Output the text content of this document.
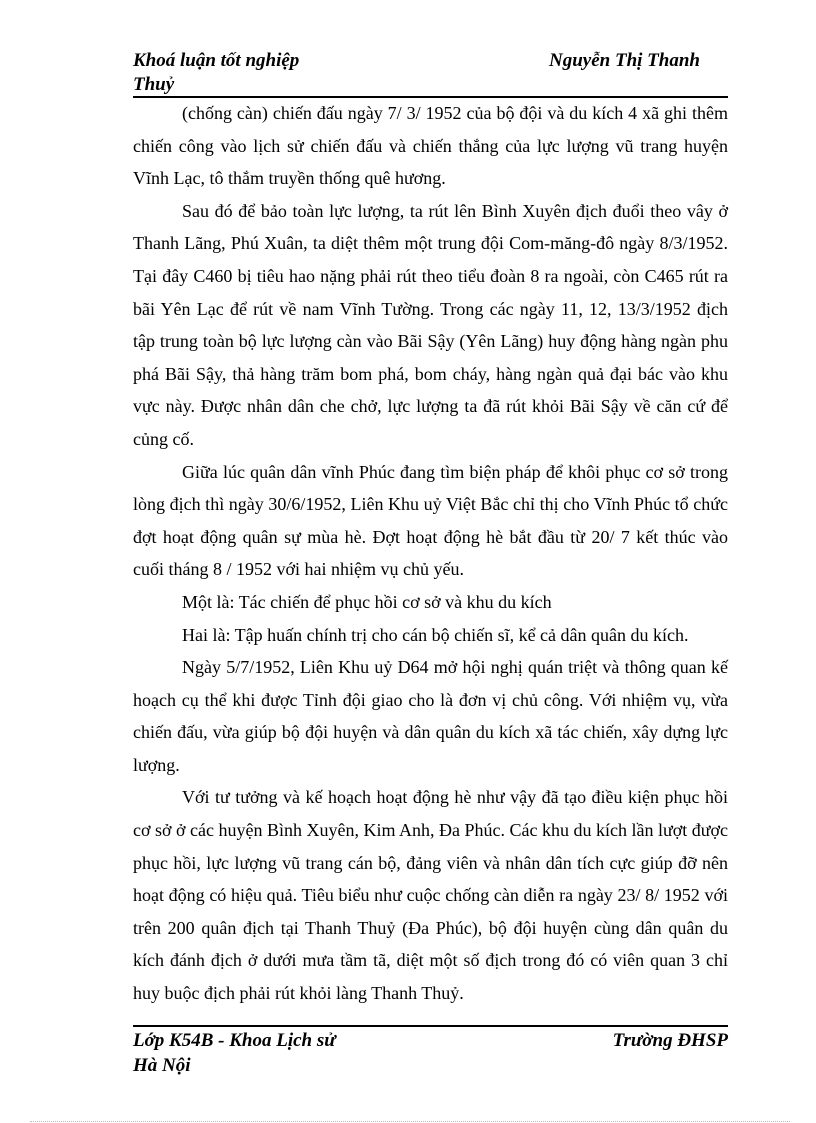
Khoá luận tốt nghiệp	Nguyễn Thị Thanh
Thuỷ

(chống càn) chiến đấu ngày 7/ 3/ 1952 của bộ đội và du kích 4 xã ghi thêm chiến công vào lịch sử chiến đấu và chiến thắng của lực lượng vũ trang huyện Vĩnh Lạc, tô thắm truyền thống quê hương.

Sau đó để bảo toàn lực lượng, ta rút lên Bình Xuyên địch đuổi theo vây ở Thanh Lãng, Phú Xuân, ta diệt thêm một trung đội Com-măng-đô ngày 8/3/1952. Tại đây C460 bị tiêu hao nặng phải rút theo tiểu đoàn 8 ra ngoài, còn C465 rút ra bãi Yên Lạc để rút về nam Vĩnh Tường. Trong các ngày 11, 12, 13/3/1952 địch tập trung toàn bộ lực lượng càn vào Bãi Sậy (Yên Lãng) huy động hàng ngàn phu phá Bãi Sậy, thả hàng trăm bom phá, bom cháy, hàng ngàn quả đại bác vào khu vực này. Được nhân dân che chở, lực lượng ta đã rút khỏi Bãi Sậy về căn cứ để củng cố.

Giữa lúc quân dân vĩnh Phúc đang tìm biện pháp để khôi phục cơ sở trong lòng địch thì ngày 30/6/1952, Liên Khu uỷ Việt Bắc chỉ thị cho Vĩnh Phúc tổ chức đợt hoạt động quân sự mùa hè. Đợt hoạt động hè bắt đầu từ 20/ 7 kết thúc vào cuối tháng 8 / 1952 với hai nhiệm vụ chủ yếu.

Một là: Tác chiến để phục hồi cơ sở và khu du kích

Hai là: Tập huấn chính trị cho cán bộ chiến sĩ, kể cả dân quân du kích.

Ngày 5/7/1952, Liên Khu uỷ D64 mở hội nghị quán triệt và thông quan kế hoạch cụ thể khi được Tỉnh đội giao cho là đơn vị chủ công. Với nhiệm vụ, vừa chiến đấu, vừa giúp bộ đội huyện và dân quân du kích xã tác chiến, xây dựng lực lượng.

Với tư tưởng và kế hoạch hoạt động hè như vậy đã tạo điều kiện phục hồi cơ sở ở các huyện Bình Xuyên, Kim Anh, Đa Phúc. Các khu du kích lần lượt được phục hồi, lực lượng vũ trang cán bộ, đảng viên và nhân dân tích cực giúp đỡ nên hoạt động có hiệu quả. Tiêu biểu như cuộc chống càn diễn ra ngày 23/ 8/ 1952 với trên 200 quân địch tại Thanh Thuỷ (Đa Phúc), bộ đội huyện cùng dân quân du kích đánh địch ở dưới mưa tầm tã, diệt một số địch trong đó có viên quan 3 chỉ huy buộc địch phải rút khỏi làng Thanh Thuỷ.

Lớp K54B - Khoa Lịch sử	Trường ĐHSP
Hà Nội
